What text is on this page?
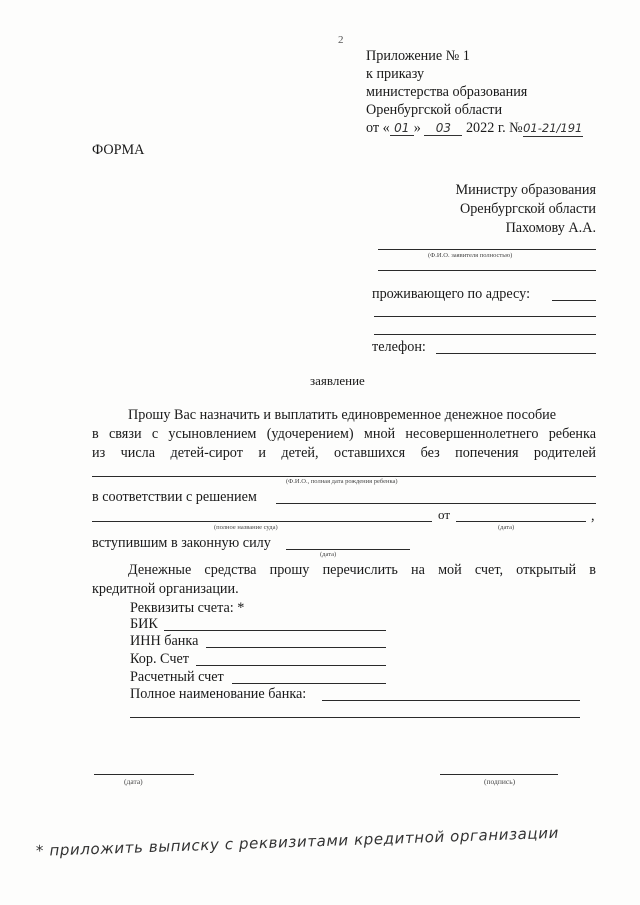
2
Приложение № 1
к приказу
министерства образования
Оренбургской области
от « 01 » 03 2022 г. №01-21/191
ФОРМА
Министру образования
Оренбургской области
Пахомову А.А.
(Ф.И.О. заявителя полностью)
проживающего по адресу:
телефон:
заявление
Прошу Вас назначить и выплатить единовременное денежное пособие
в связи с усыновлением (удочерением) мной несовершеннолетнего ребенка
из числа детей-сирот и детей, оставшихся без попечения родителей
(Ф.И.О., полная дата рождения ребенка)
в соответствии с решением
от	,
(полное название суда)	(дата)
вступившим в законную силу
(дата)
Денежные средства прошу перечислить на мой счет, открытый в
кредитной организации.
Реквизиты счета: *
БИК
ИНН банка
Кор. Счет
Расчетный счет
Полное наименование банка:
(дата)	(подпись)
* приложить выписку с реквизитами кредитной организации
